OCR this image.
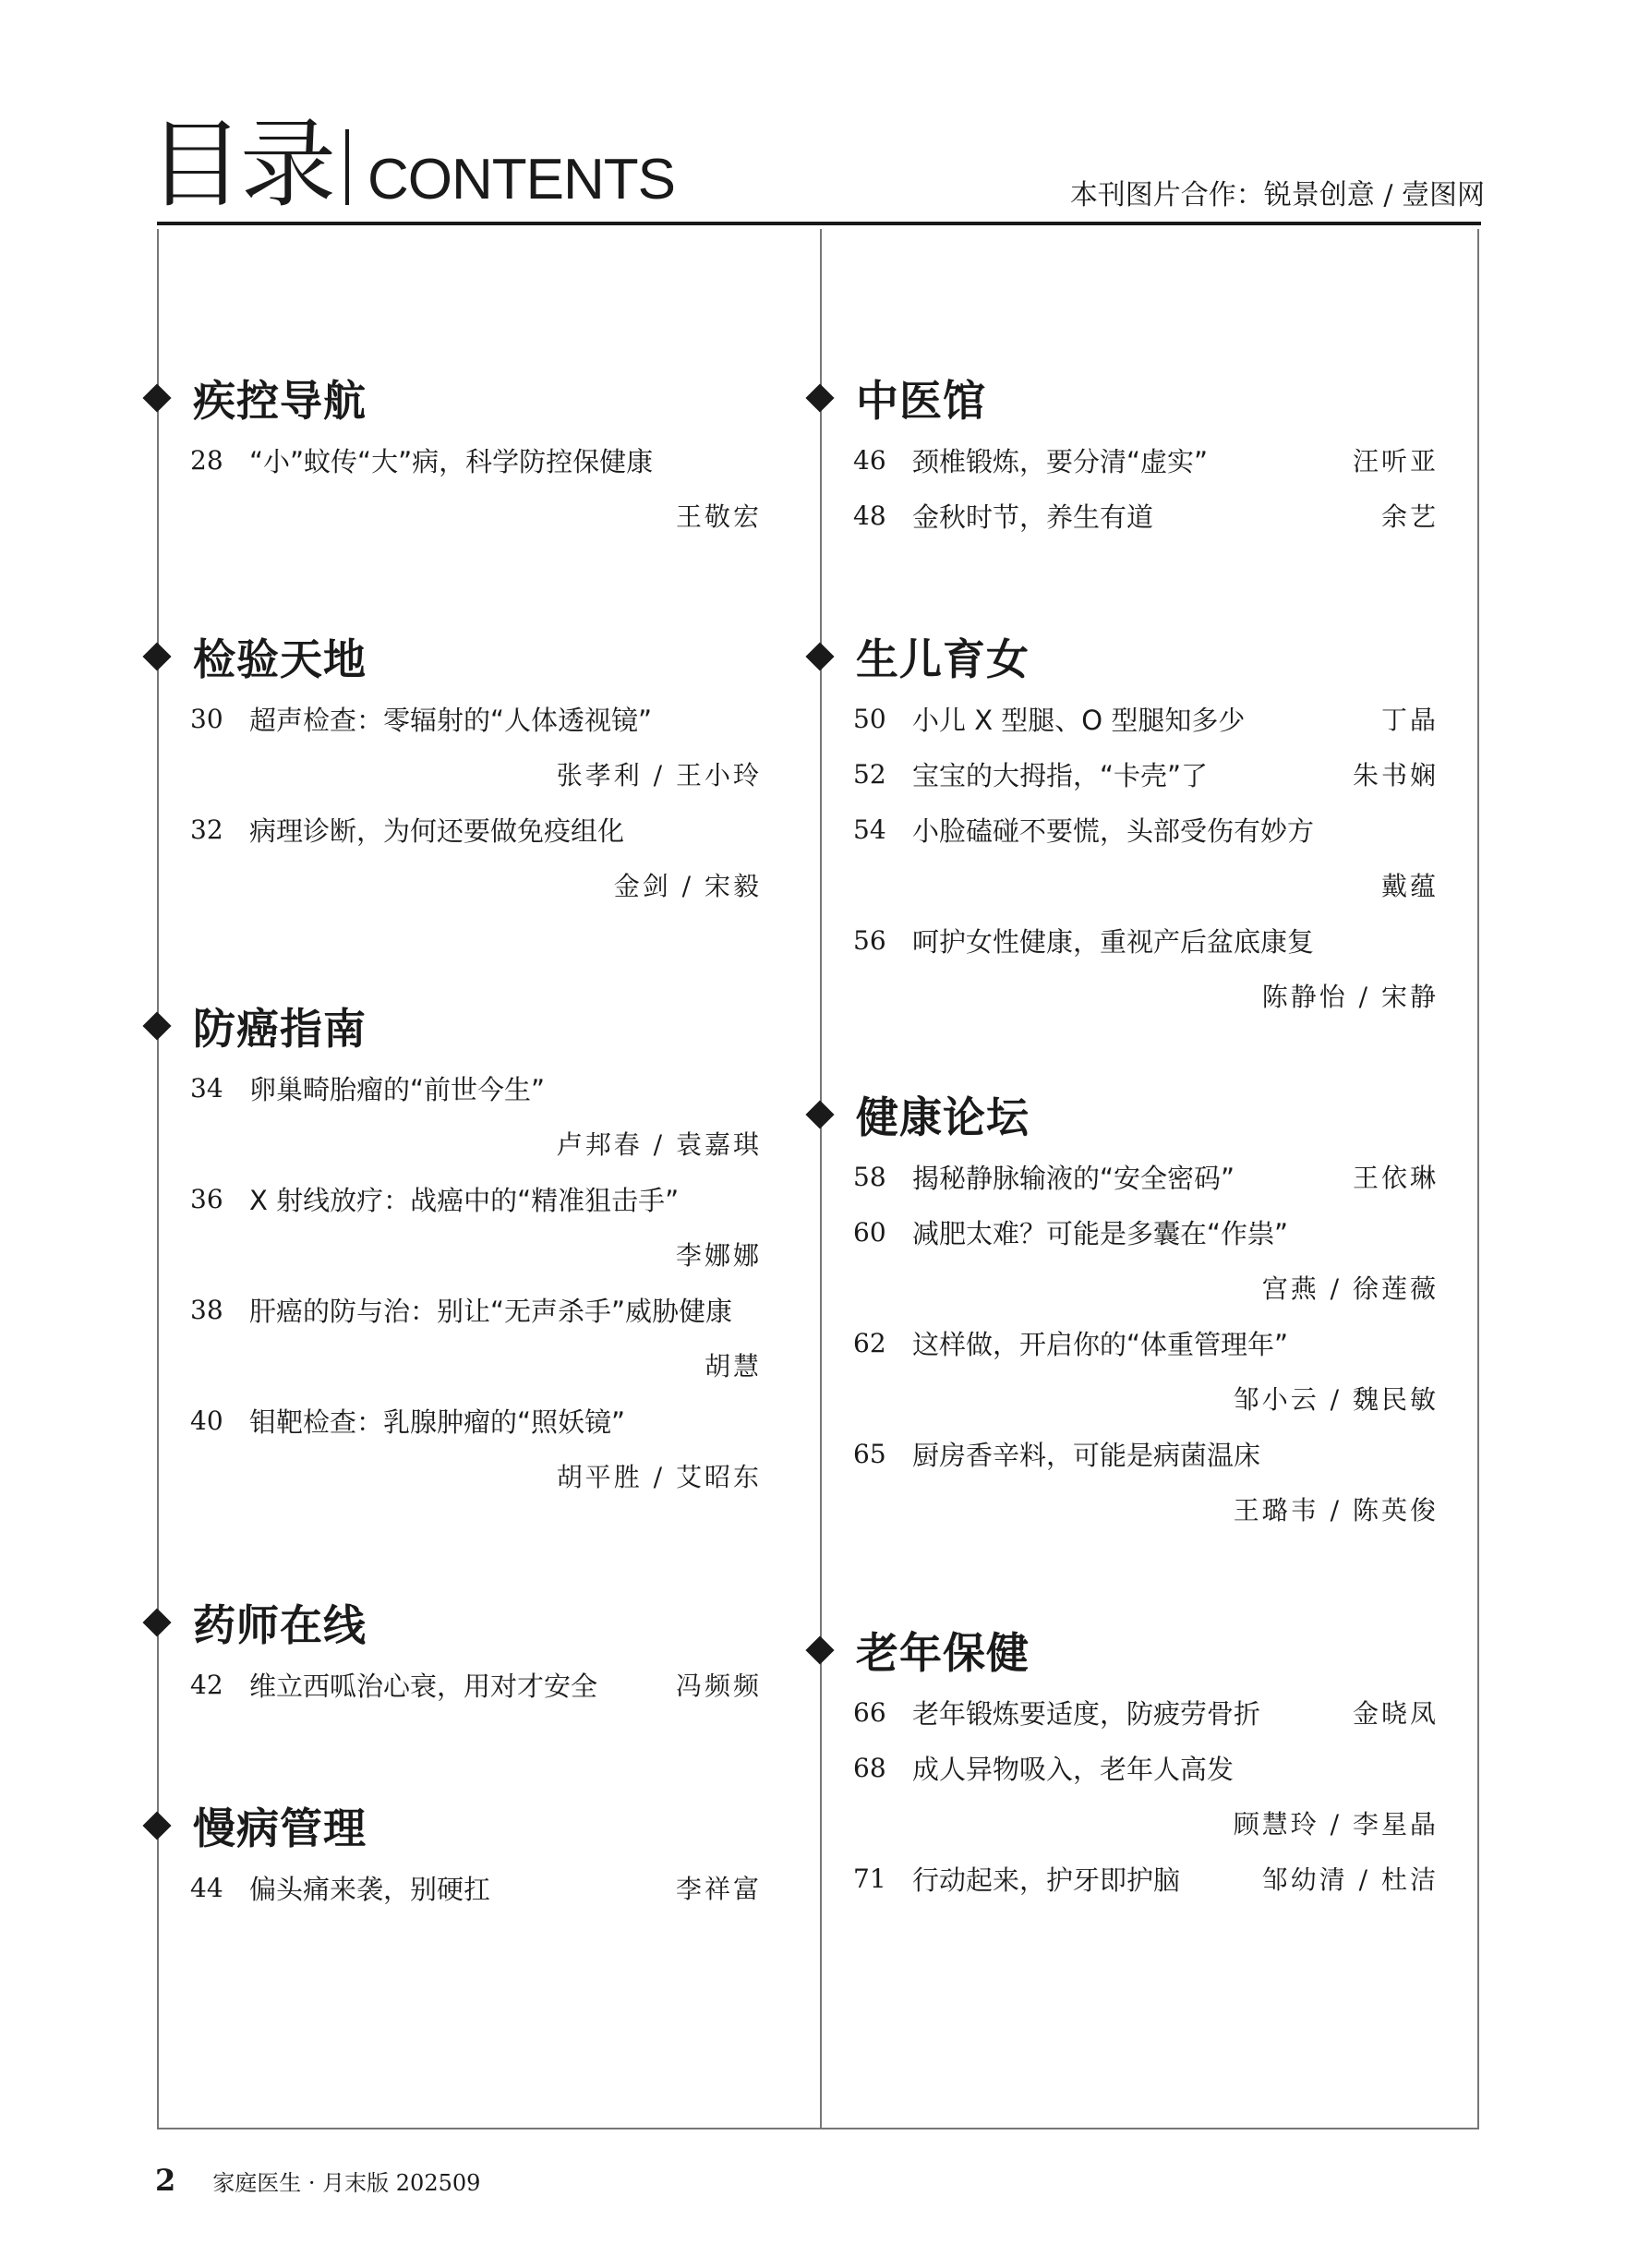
目录 CONTENTS	本刊图片合作：锐景创意 / 壹图网
疾控导航
28 “小”蚊传“大”病，科学防控保健康
王敬宏
检验天地
30 超声检查：零辐射的“人体透视镜”
张孝利 / 王小玲
32 病理诊断，为何还要做免疫组化
金剑 / 宋毅
防癌指南
34 卵巢畸胎瘤的“前世今生”
卢邦春 / 袁嘉琪
36 X 射线放疗：战癌中的“精准狙击手”
李娜娜
38 肝癌的防与治：别让“无声杀手”威胁健康
胡慧
40 钼靶检查：乳腺肿瘤的“照妖镜”
胡平胜 / 艾昭东
药师在线
42 维立西呱治心衰，用对才安全	冯频频
慢病管理
44 偏头痛来袭，别硬扛	李祥富
中医馆
46 颈椎锻炼，要分清“虚实”	汪听亚
48 金秋时节，养生有道	余艺
生儿育女
50 小儿 X 型腿、O 型腿知多少	丁晶
52 宝宝的大拇指，“卡壳”了	朱书娴
54 小脸磕碰不要慌，头部受伤有妙方
戴蕴
56 呵护女性健康，重视产后盆底康复
陈静怡 / 宋静
健康论坛
58 揭秘静脉输液的“安全密码”	王依琳
60 减肥太难？可能是多囊在“作祟”
宫燕 / 徐莲薇
62 这样做，开启你的“体重管理年”
邹小云 / 魏民敏
65 厨房香辛料，可能是病菌温床
王璐韦 / 陈英俊
老年保健
66 老年锻炼要适度，防疲劳骨折	金晓凤
68 成人异物吸入，老年人高发
顾慧玲 / 李星晶
71 行动起来，护牙即护脑	邹幼清 / 杜洁
2 家庭医生 · 月末版 202509
